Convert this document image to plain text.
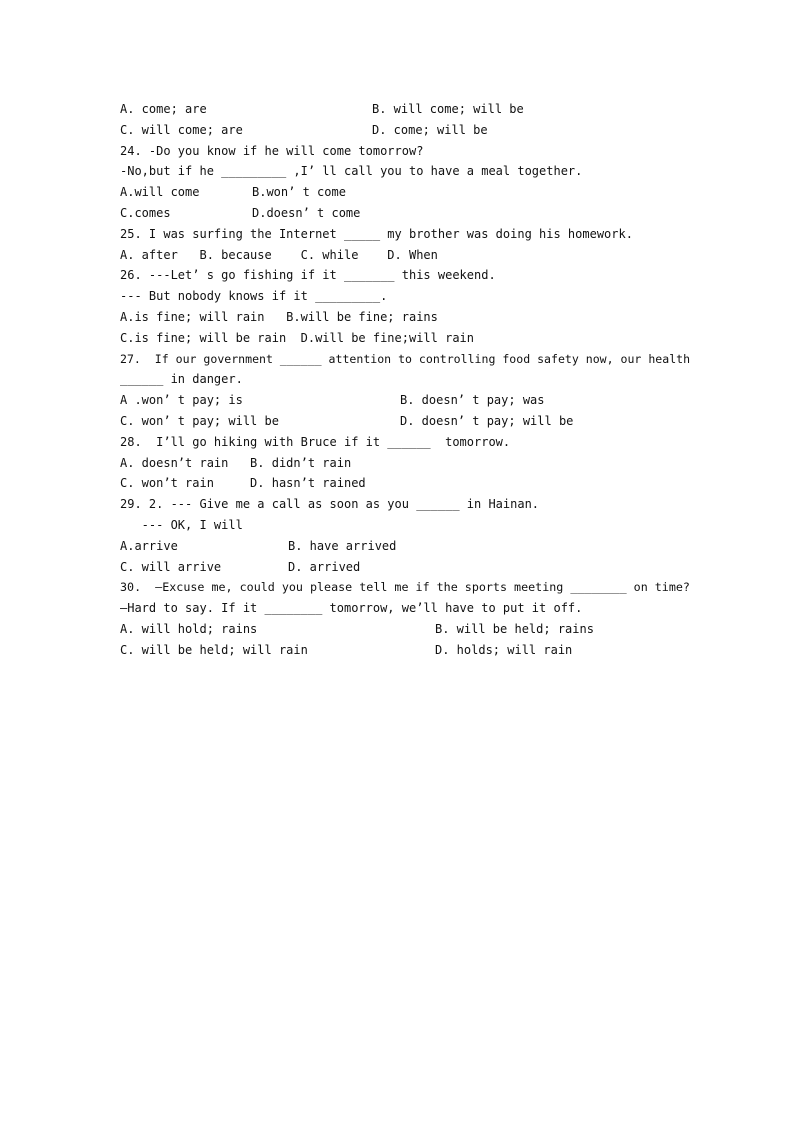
A. come; are	B. will come; will be
C. will come; are	D. come; will be
24. -Do you know if he will come tomorrow?
-No,but if he _________ ,I’ ll call you to have a meal together.
A.will come	B.won’ t come
C.comes	D.doesn’ t come
25. I was surfing the Internet _____ my brother was doing his homework.
A. after   B. because    C. while    D. When
26. ---Let’ s go fishing if it _______ this weekend.
--- But nobody knows if it _________.
A.is fine; will rain   B.will be fine; rains
C.is fine; will be rain  D.will be fine;will rain
27.  If our government ______ attention to controlling food safety now, our health
______ in danger.
A .won’ t pay; is	B. doesn’ t pay; was
C. won’ t pay; will be	D. doesn’ t pay; will be
28.  I’ll go hiking with Bruce if it ______  tomorrow.
A. doesn’t rain   B. didn’t rain
C. won’t rain     D. hasn’t rained
29. 2. --- Give me a call as soon as you ______ in Hainan.
--- OK, I will
A.arrive	B. have arrived
C. will arrive	D. arrived
30.  —Excuse me, could you please tell me if the sports meeting ________ on time?
—Hard to say. If it ________ tomorrow, we’ll have to put it off.
A. will hold; rains	B. will be held; rains
C. will be held; will rain	D. holds; will rain
